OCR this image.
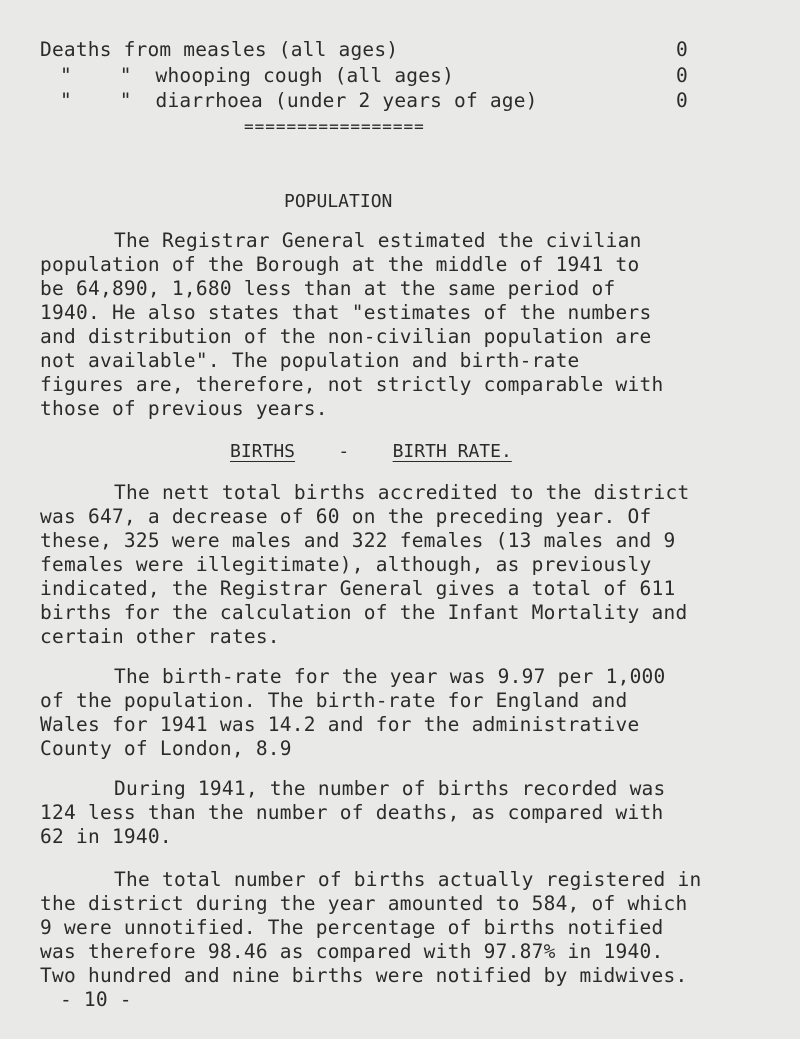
Deaths from measles (all ages)	0
"    "  whooping cough (all ages)	0
"    "  diarrhoea (under 2 years of age)	0
=================
POPULATION
The Registrar General estimated the civilian
population of the Borough at the middle of 1941 to
be 64,890, 1,680 less than at the same period of
1940. He also states that "estimates of the numbers
and distribution of the non-civilian population are
not available". The population and birth-rate
figures are, therefore, not strictly comparable with
those of previous years.
BIRTHS - BIRTH RATE.
The nett total births accredited to the district
was 647, a decrease of 60 on the preceding year. Of
these, 325 were males and 322 females (13 males and 9
females were illegitimate), although, as previously
indicated, the Registrar General gives a total of 611
births for the calculation of the Infant Mortality and
certain other rates.
The birth-rate for the year was 9.97 per 1,000
of the population. The birth-rate for England and
Wales for 1941 was 14.2 and for the administrative
County of London, 8.9
During 1941, the number of births recorded was
124 less than the number of deaths, as compared with
62 in 1940.
The total number of births actually registered in
the district during the year amounted to 584, of which
9 were unnotified. The percentage of births notified
was therefore 98.46 as compared with 97.87% in 1940.
Two hundred and nine births were notified by midwives.
- 10 -
